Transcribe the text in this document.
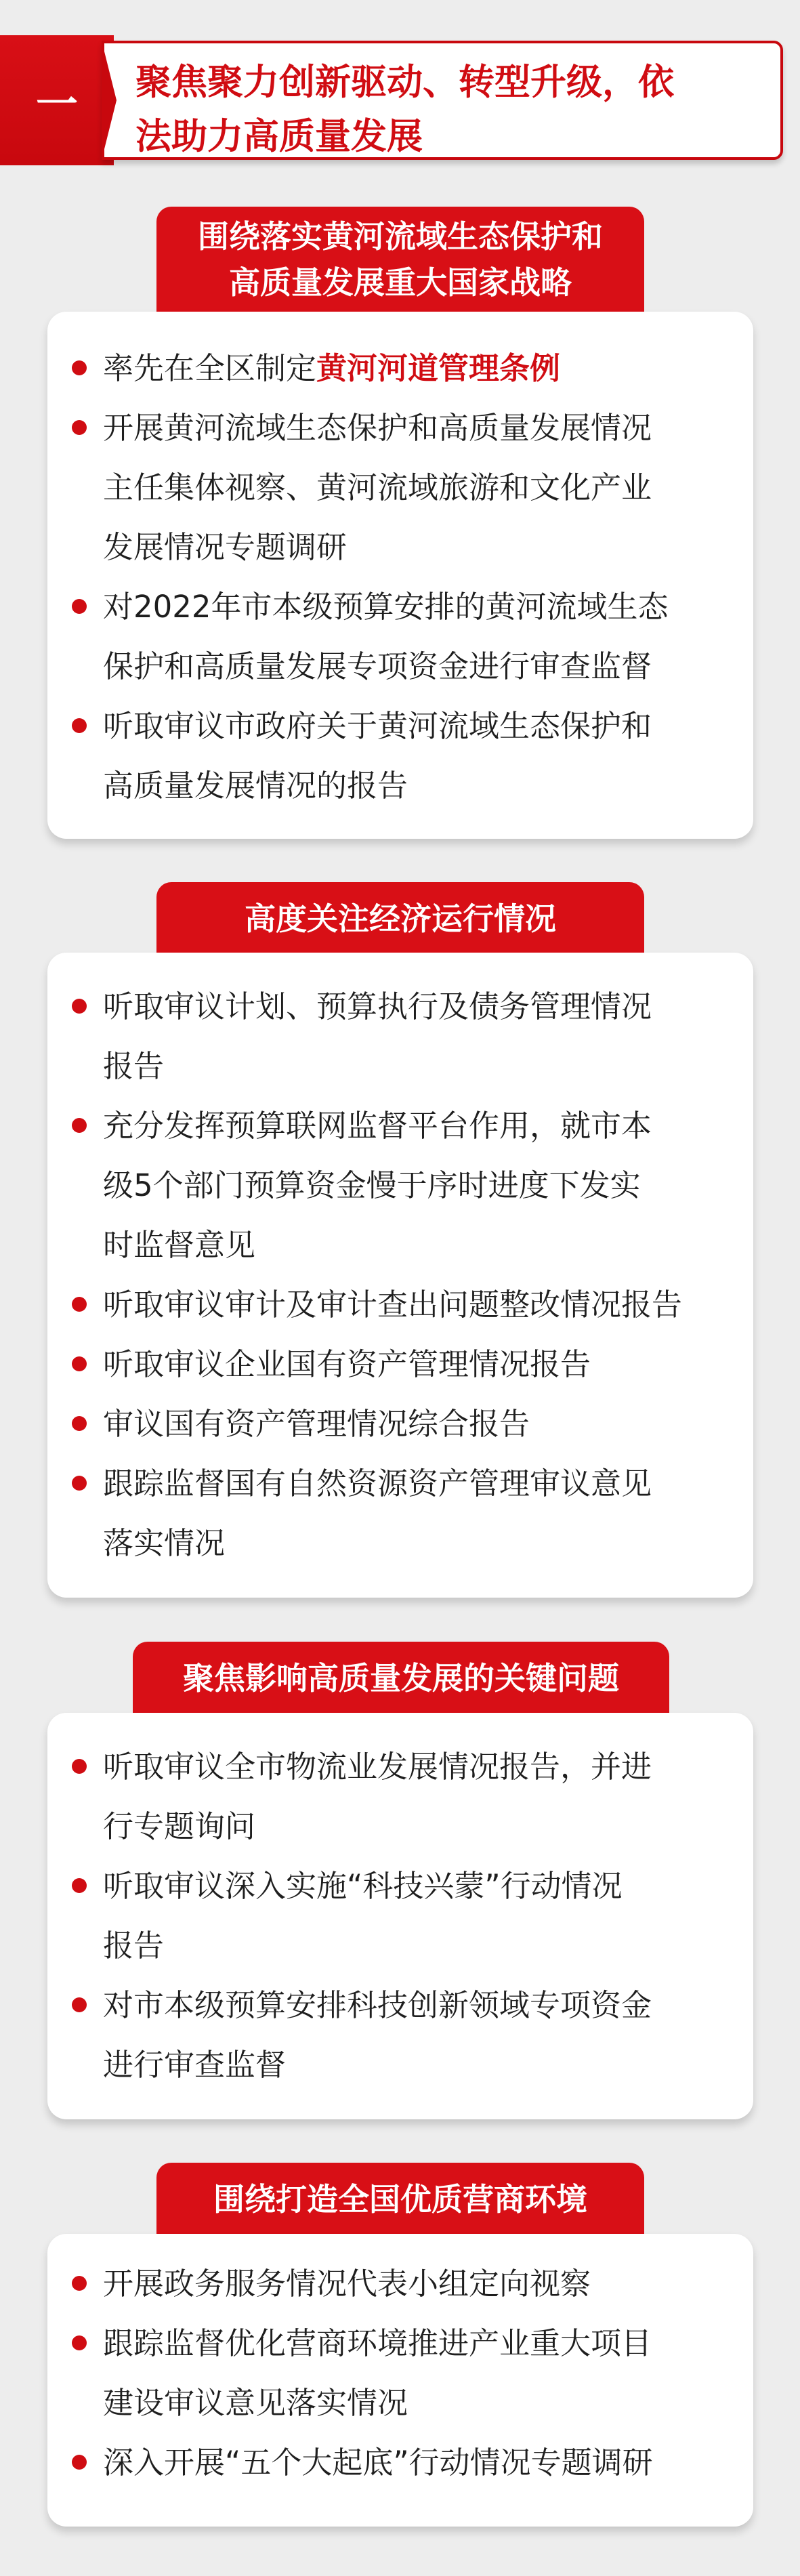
一	聚焦聚力创新驱动、转型升级，依
法助力高质量发展
围绕落实黄河流域生态保护和
高质量发展重大国家战略
率先在全区制定黄河河道管理条例
开展黄河流域生态保护和高质量发展情况
主任集体视察、黄河流域旅游和文化产业
发展情况专题调研
对2022年市本级预算安排的黄河流域生态
保护和高质量发展专项资金进行审查监督
听取审议市政府关于黄河流域生态保护和
高质量发展情况的报告
高度关注经济运行情况
听取审议计划、预算执行及债务管理情况
报告
充分发挥预算联网监督平台作用，就市本
级5个部门预算资金慢于序时进度下发实
时监督意见
听取审议审计及审计查出问题整改情况报告
听取审议企业国有资产管理情况报告
审议国有资产管理情况综合报告
跟踪监督国有自然资源资产管理审议意见
落实情况
聚焦影响高质量发展的关键问题
听取审议全市物流业发展情况报告，并进
行专题询问
听取审议深入实施“科技兴蒙”行动情况
报告
对市本级预算安排科技创新领域专项资金
进行审查监督
围绕打造全国优质营商环境
开展政务服务情况代表小组定向视察
跟踪监督优化营商环境推进产业重大项目
建设审议意见落实情况
深入开展“五个大起底”行动情况专题调研
